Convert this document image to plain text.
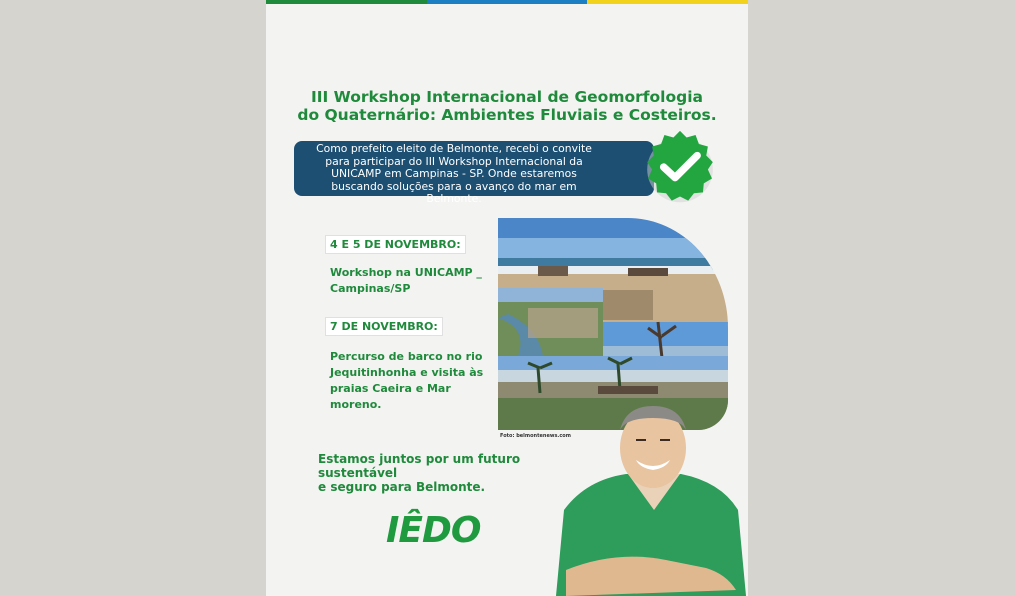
III Workshop Internacional de Geomorfologia
do Quaternário: Ambientes Fluviais e Costeiros.
Como prefeito eleito de Belmonte, recebi o convite para participar do III Workshop Internacional da UNICAMP em Campinas - SP. Onde estaremos buscando soluções para o avanço do mar em Belmonte.
4 E 5 DE NOVEMBRO:
Workshop na UNICAMP _
Campinas/SP
7 DE NOVEMBRO:
Percurso de barco no rio
Jequitinhonha e visita às
praias Caeira e Mar
moreno.
Foto: belmontenews.com
Estamos juntos por um futuro sustentável
e seguro para Belmonte.
IÊDO
